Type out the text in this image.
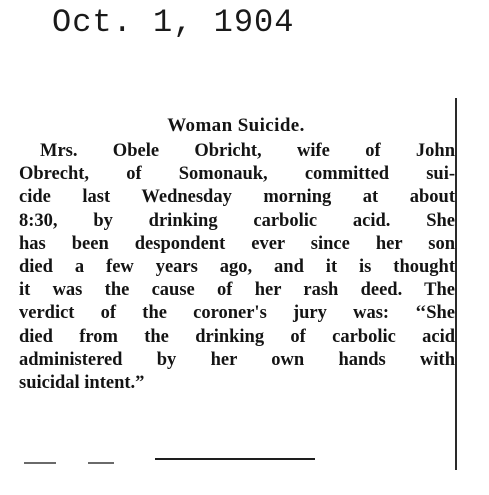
Oct. 1, 1904
Woman Suicide.
Mrs. Obele Obricht, wife of John
Obrecht, of Somonauk, committed sui-
cide last Wednesday morning at about
8:30, by drinking carbolic acid. She
has been despondent ever since her son
died a few years ago, and it is thought
it was the cause of her rash deed. The
verdict of the coroner's jury was: ‘‘She
died from the drinking of carbolic acid
administered by her own hands with
suicidal intent.”
